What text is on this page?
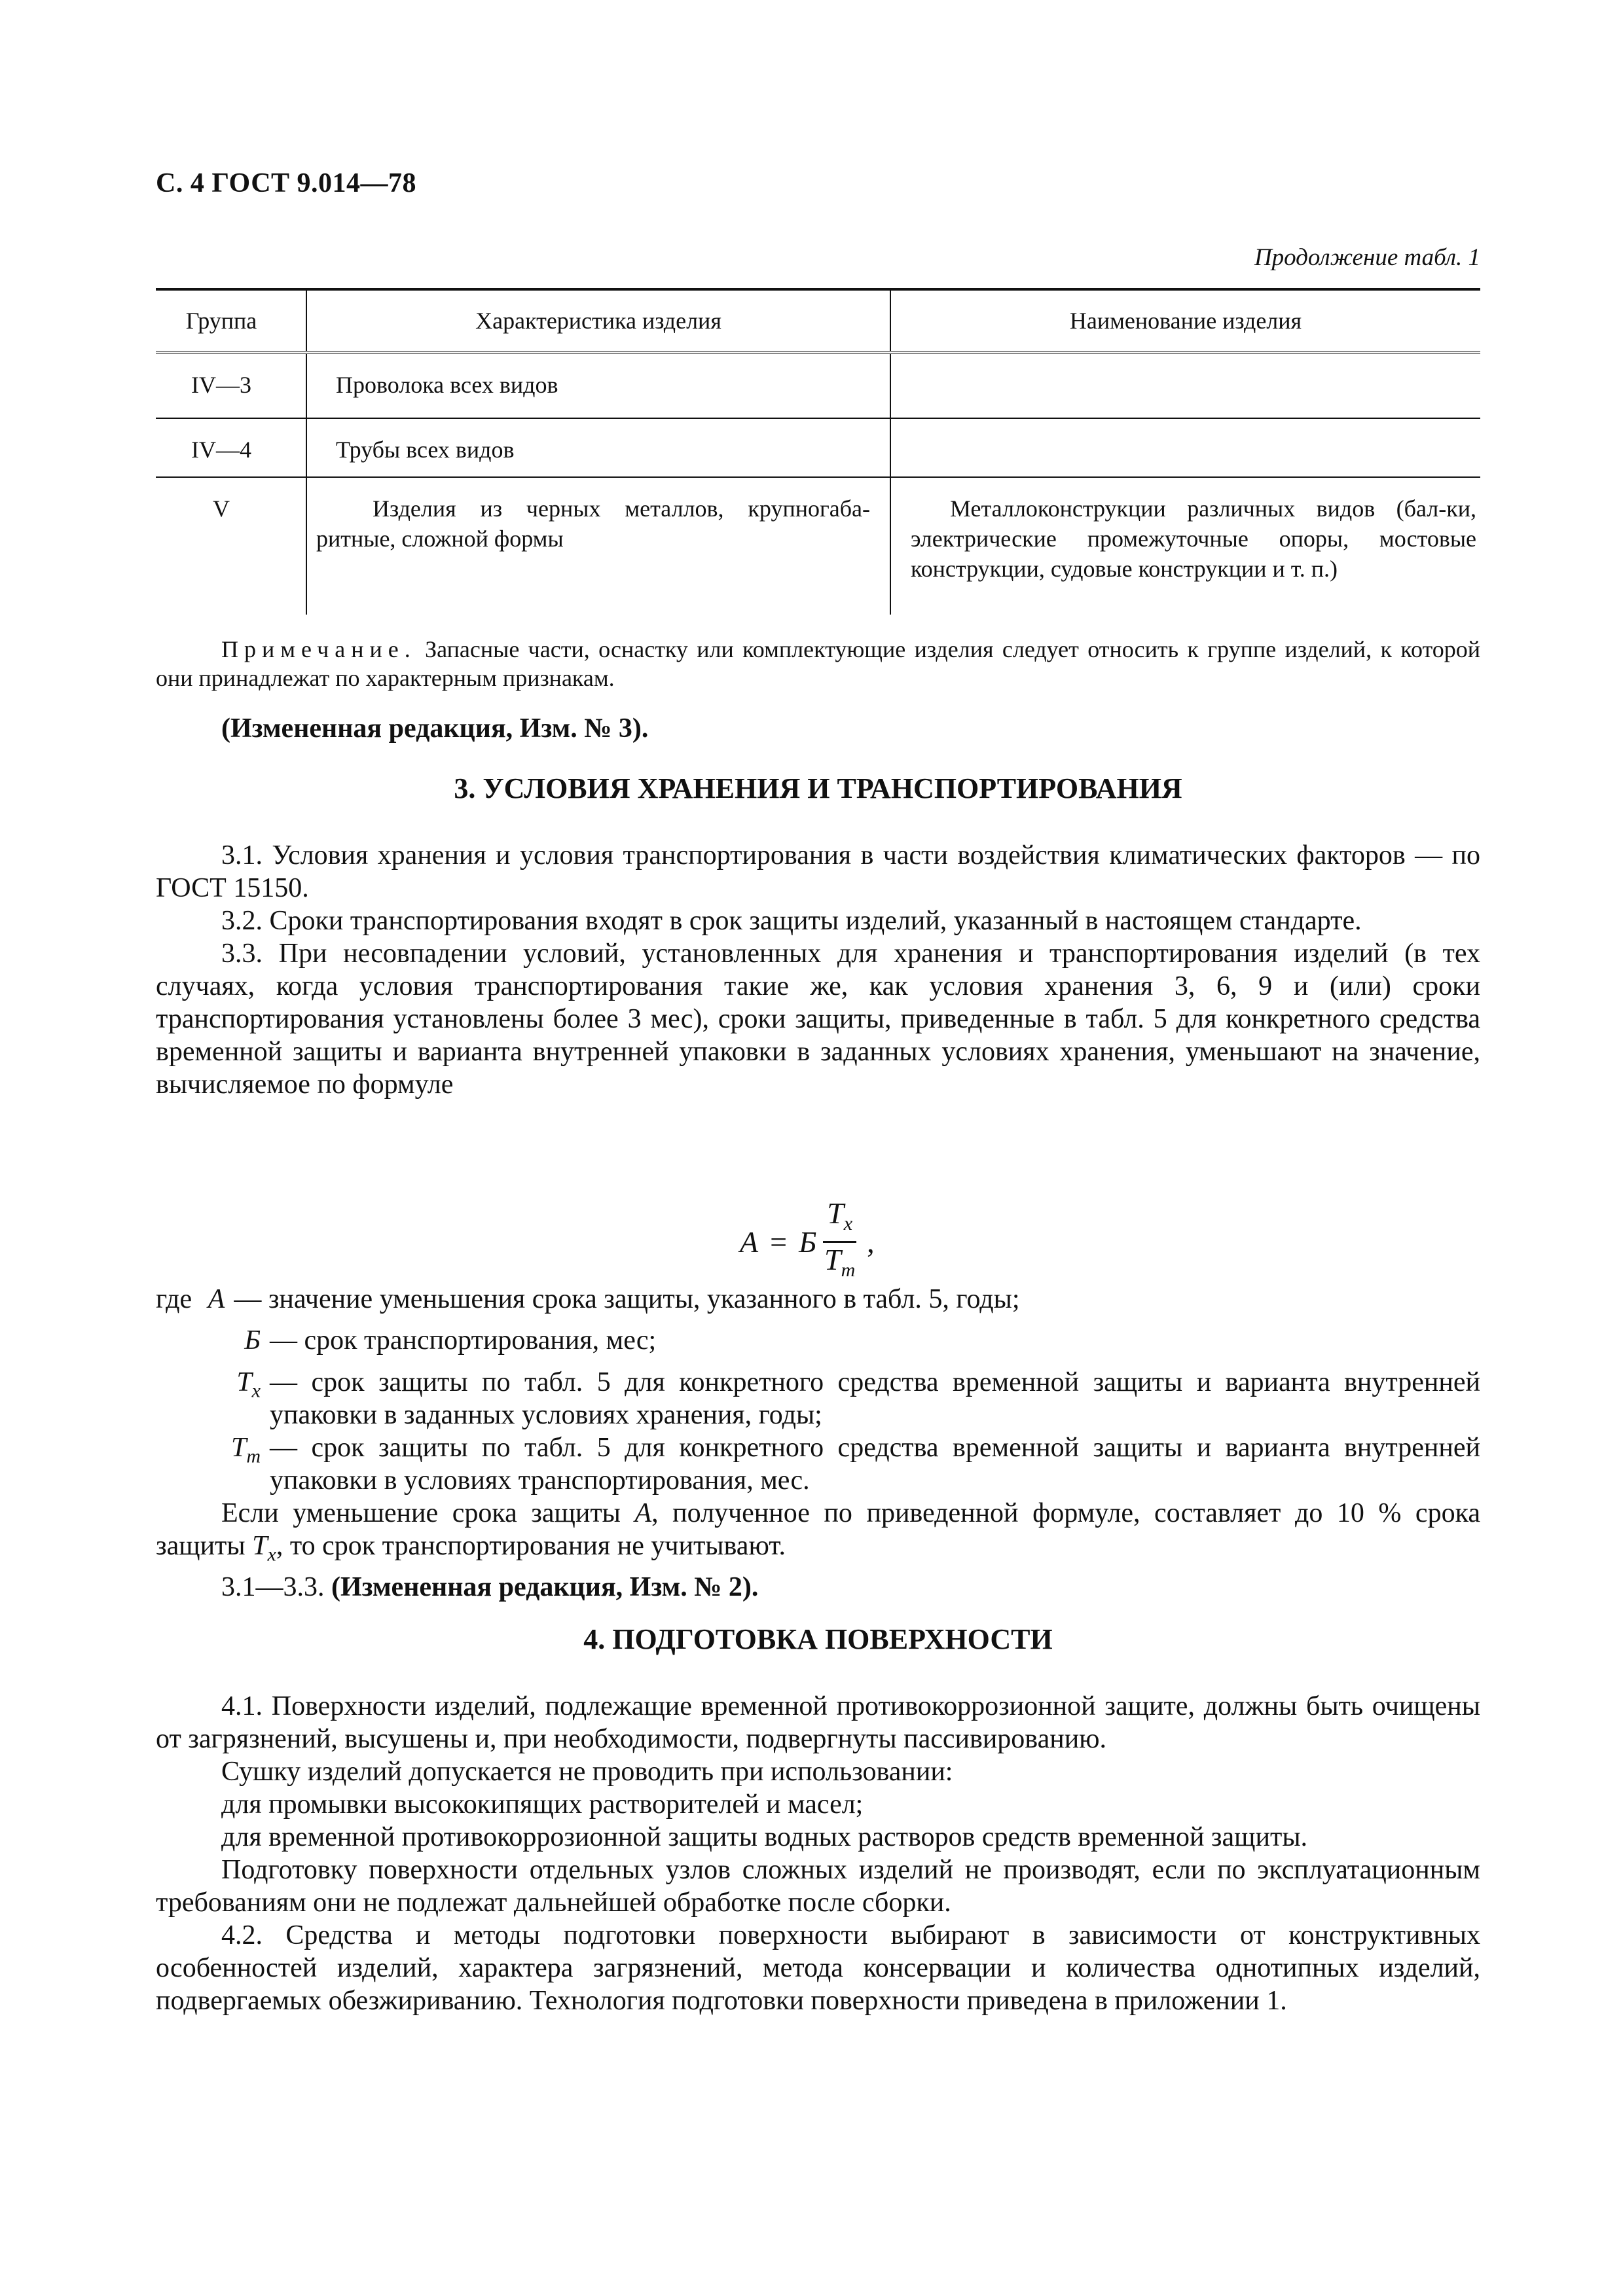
С. 4 ГОСТ 9.014—78
Продолжение табл. 1
Группа	Характеристика изделия	Наименование изделия
IV—3	Проволока всех видов	
IV—4	Трубы всех видов	
V	Изделия из черных металлов, крупногаба-ритные, сложной формы	Металлоконструкции различных видов (бал-ки, электрические промежуточные опоры, мостовые конструкции, судовые конструкции и т. п.)

Примечание. Запасные части, оснастку или комплектующие изделия следует относить к группе изделий, к которой они принадлежат по характерным признакам.

(Измененная редакция, Изм. № 3).

3. УСЛОВИЯ ХРАНЕНИЯ И ТРАНСПОРТИРОВАНИЯ

3.1. Условия хранения и условия транспортирования в части воздействия климатических факторов — по ГОСТ 15150.

3.2. Сроки транспортирования входят в срок защиты изделий, указанный в настоящем стандарте.

3.3. При несовпадении условий, установленных для хранения и транспортирования изделий (в тех случаях, когда условия транспортирования такие же, как условия хранения 3, 6, 9 и (или) сроки транспортирования установлены более 3 мес), сроки защиты, приведенные в табл. 5 для конкретного средства временной защиты и варианта внутренней упаковки в заданных условиях хранения, уменьшают на значение, вычисляемое по формуле

А = Б $\frac{T_x}{T_т}$ ,
где А — значение уменьшения срока защиты, указанного в табл. 5, годы;
Б — срок транспортирования, мес;
$T_x$ — срок защиты по табл. 5 для конкретного средства временной защиты и варианта внутренней упаковки в заданных условиях хранения, годы;
$T_т$ — срок защиты по табл. 5 для конкретного средства временной защиты и варианта внутренней упаковки в условиях транспортирования, мес.

Если уменьшение срока защиты А, полученное по приведенной формуле, составляет до 10 % срока защиты $T_x$, то срок транспортирования не учитывают.

3.1—3.3. (Измененная редакция, Изм. № 2).

4. ПОДГОТОВКА ПОВЕРХНОСТИ

4.1. Поверхности изделий, подлежащие временной противокоррозионной защите, должны быть очищены от загрязнений, высушены и, при необходимости, подвергнуты пассивированию.

Сушку изделий допускается не проводить при использовании:

для промывки высококипящих растворителей и масел;

для временной противокоррозионной защиты водных растворов средств временной защиты.

Подготовку поверхности отдельных узлов сложных изделий не производят, если по эксплуатационным требованиям они не подлежат дальнейшей обработке после сборки.

4.2. Средства и методы подготовки поверхности выбирают в зависимости от конструктивных особенностей изделий, характера загрязнений, метода консервации и количества однотипных изделий, подвергаемых обезжириванию. Технология подготовки поверхности приведена в приложении 1.
